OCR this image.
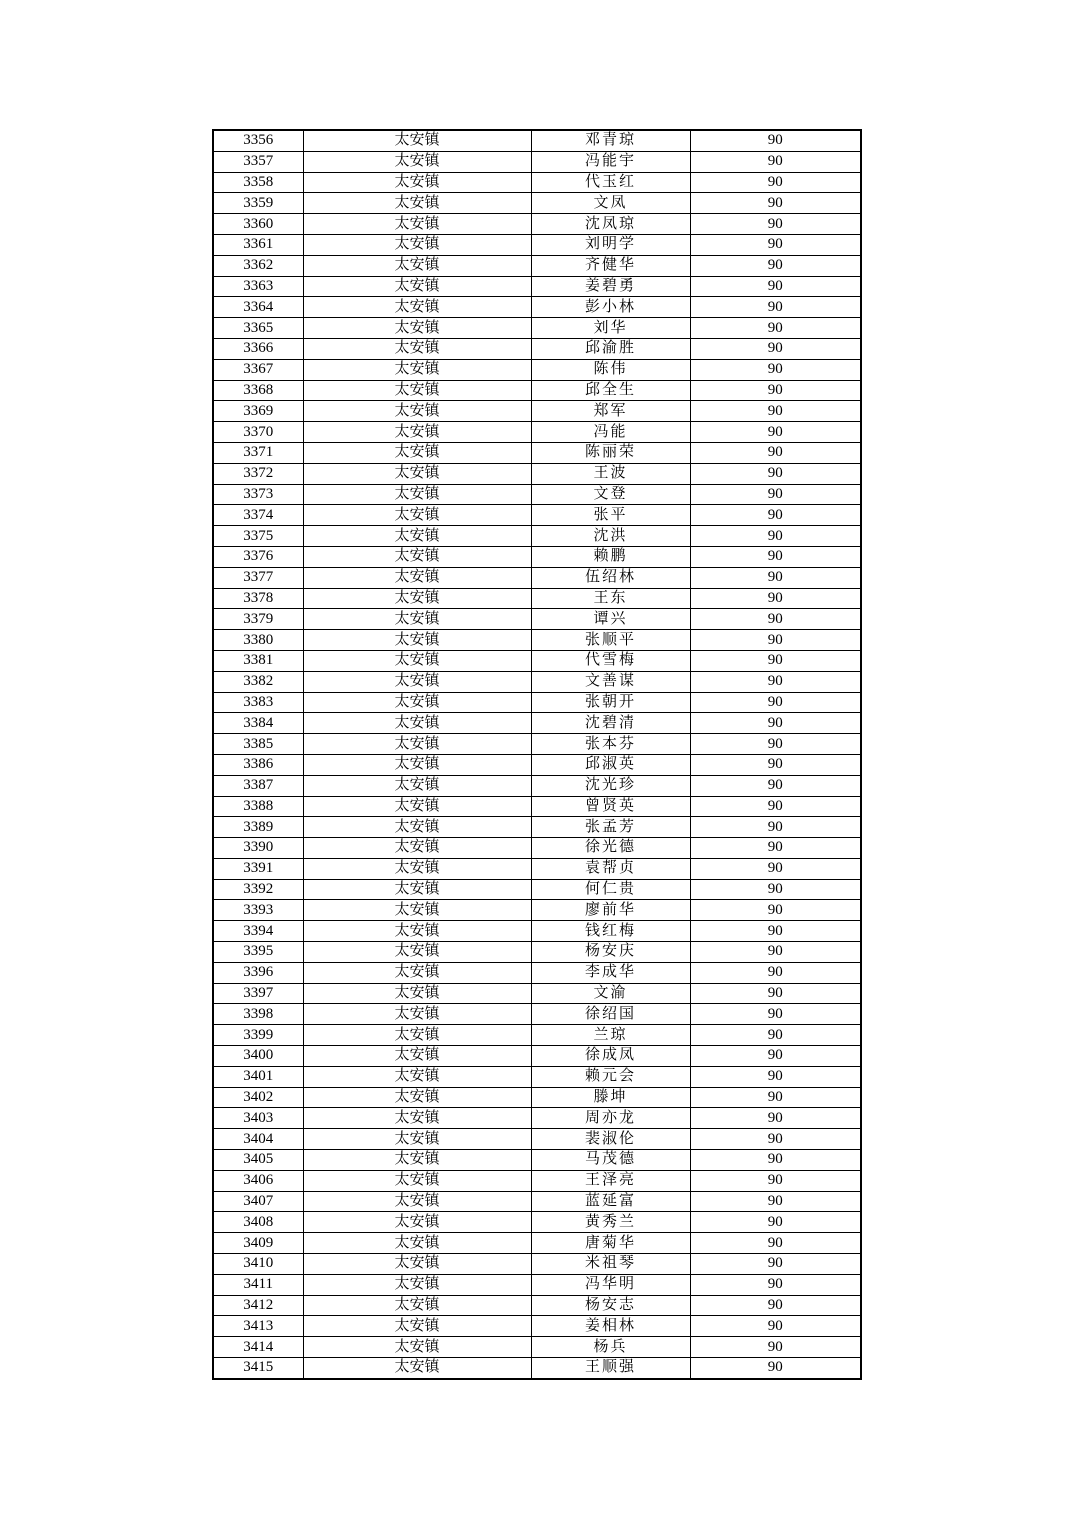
3356	太安镇	邓青琼	90
3357	太安镇	冯能宇	90
3358	太安镇	代玉红	90
3359	太安镇	文凤	90
3360	太安镇	沈凤琼	90
3361	太安镇	刘明学	90
3362	太安镇	齐健华	90
3363	太安镇	姜碧勇	90
3364	太安镇	彭小林	90
3365	太安镇	刘华	90
3366	太安镇	邱渝胜	90
3367	太安镇	陈伟	90
3368	太安镇	邱全生	90
3369	太安镇	郑军	90
3370	太安镇	冯能	90
3371	太安镇	陈丽荣	90
3372	太安镇	王波	90
3373	太安镇	文登	90
3374	太安镇	张平	90
3375	太安镇	沈洪	90
3376	太安镇	赖鹏	90
3377	太安镇	伍绍林	90
3378	太安镇	王东	90
3379	太安镇	谭兴	90
3380	太安镇	张顺平	90
3381	太安镇	代雪梅	90
3382	太安镇	文善谋	90
3383	太安镇	张朝开	90
3384	太安镇	沈碧清	90
3385	太安镇	张本芬	90
3386	太安镇	邱淑英	90
3387	太安镇	沈光珍	90
3388	太安镇	曾贤英	90
3389	太安镇	张孟芳	90
3390	太安镇	徐光德	90
3391	太安镇	袁帮贞	90
3392	太安镇	何仁贵	90
3393	太安镇	廖前华	90
3394	太安镇	钱红梅	90
3395	太安镇	杨安庆	90
3396	太安镇	李成华	90
3397	太安镇	文渝	90
3398	太安镇	徐绍国	90
3399	太安镇	兰琼	90
3400	太安镇	徐成凤	90
3401	太安镇	赖元会	90
3402	太安镇	滕坤	90
3403	太安镇	周亦龙	90
3404	太安镇	裴淑伦	90
3405	太安镇	马茂德	90
3406	太安镇	王泽亮	90
3407	太安镇	蓝延富	90
3408	太安镇	黄秀兰	90
3409	太安镇	唐菊华	90
3410	太安镇	米祖琴	90
3411	太安镇	冯华明	90
3412	太安镇	杨安志	90
3413	太安镇	姜相林	90
3414	太安镇	杨兵	90
3415	太安镇	王顺强	90
